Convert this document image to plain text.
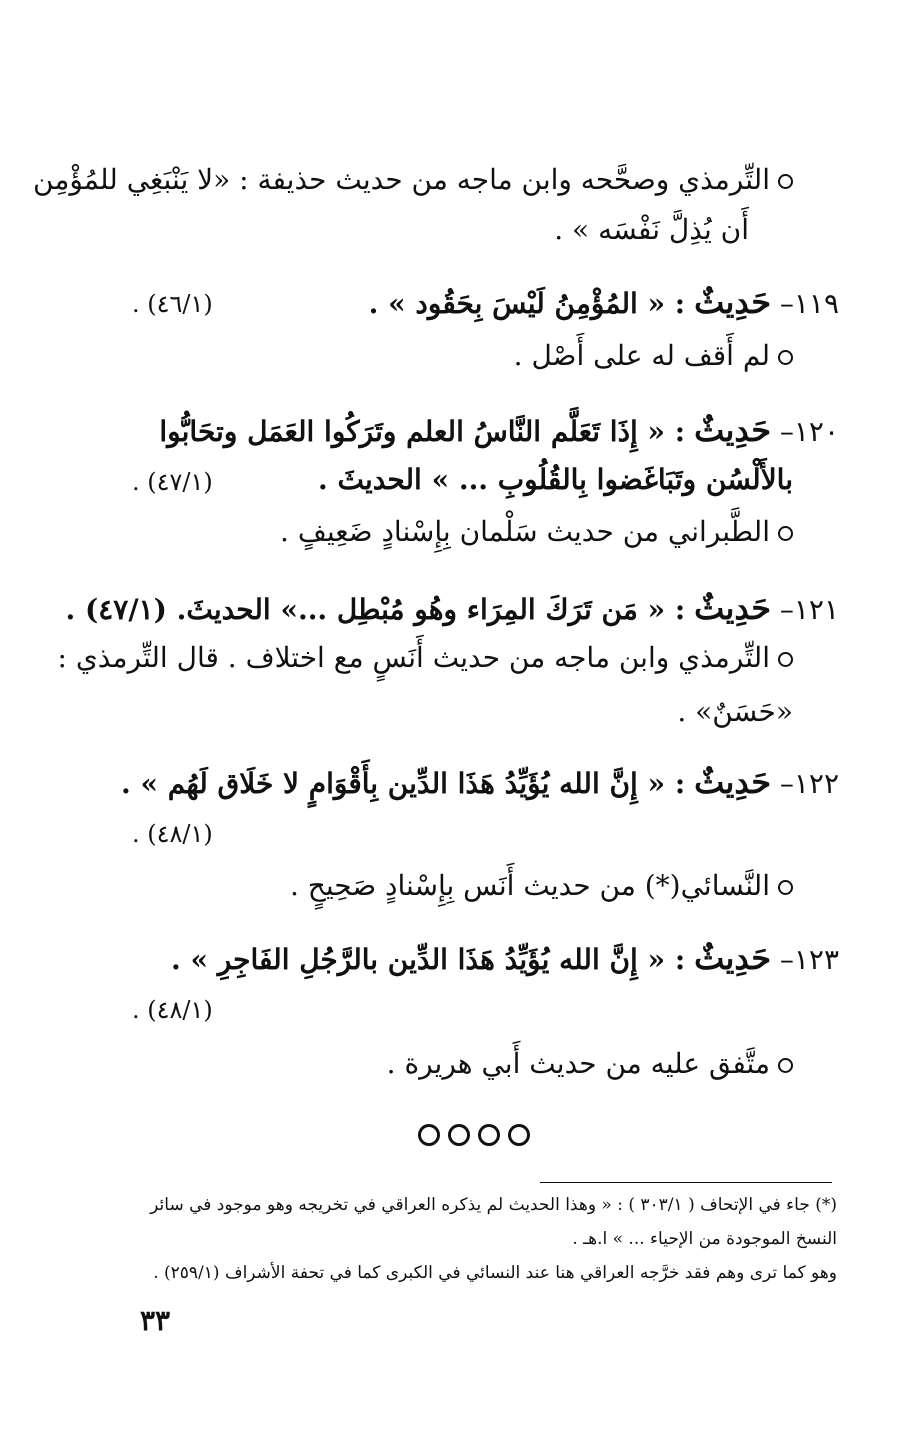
التِّرمذي وصحَّحه وابن ماجه من حديث حذيفة : «لا يَنْبَغِي للمُؤْمِن
أَن يُذِلَّ نَفْسَه » .
١١٩– حَدِيثٌ : « المُؤْمِنُ لَيْسَ بِحَقُود » .
(٤٦/١) .
لم أَقف له على أَصْل .
١٢٠– حَدِيثٌ : « إِذَا تَعَلَّم النَّاسُ العلم وتَرَكُوا العَمَل وتحَابُّوا
بالأَلْسُن وتَبَاغَضوا بِالقُلُوبِ ... » الحديثَ .
(٤٧/١) .
الطَّبراني من حديث سَلْمان بِإِسْنادٍ ضَعِيفٍ .
١٢١– حَدِيثٌ : « مَن تَرَكَ المِرَاء وهُو مُبْطِل ...» الحديثَ. (٤٧/١) .
التِّرمذي وابن ماجه من حديث أَنَسٍ مع اختلاف . قال التِّرمذي :
«حَسَنٌ» .
١٢٢– حَدِيثٌ : « إِنَّ الله يُؤَيِّدُ هَذَا الدِّين بِأَقْوَامٍ لا خَلَاق لَهُم » .
(٤٨/١) .
النَّسائي(*) من حديث أَنَس بِإِسْنادٍ صَحِيحٍ .
١٢٣– حَدِيثٌ : « إِنَّ الله يُؤَيِّدُ هَذَا الدِّين بالرَّجُلِ الفَاجِرِ » .
(٤٨/١) .
متَّفق عليه من حديث أَبي هريرة .
(*) جاء في الإتحاف ( ٣٠٣/١ ) : « وهذا الحديث لم يذكره العراقي في تخريجه وهو موجود في سائر
النسخ الموجودة من الإحياء ... » ا.هـ .
وهو كما ترى وهم فقد خرَّجه العراقي هنا عند النسائي في الكبرى كما في تحفة الأشراف (٢٥٩/١) .
٣٣
